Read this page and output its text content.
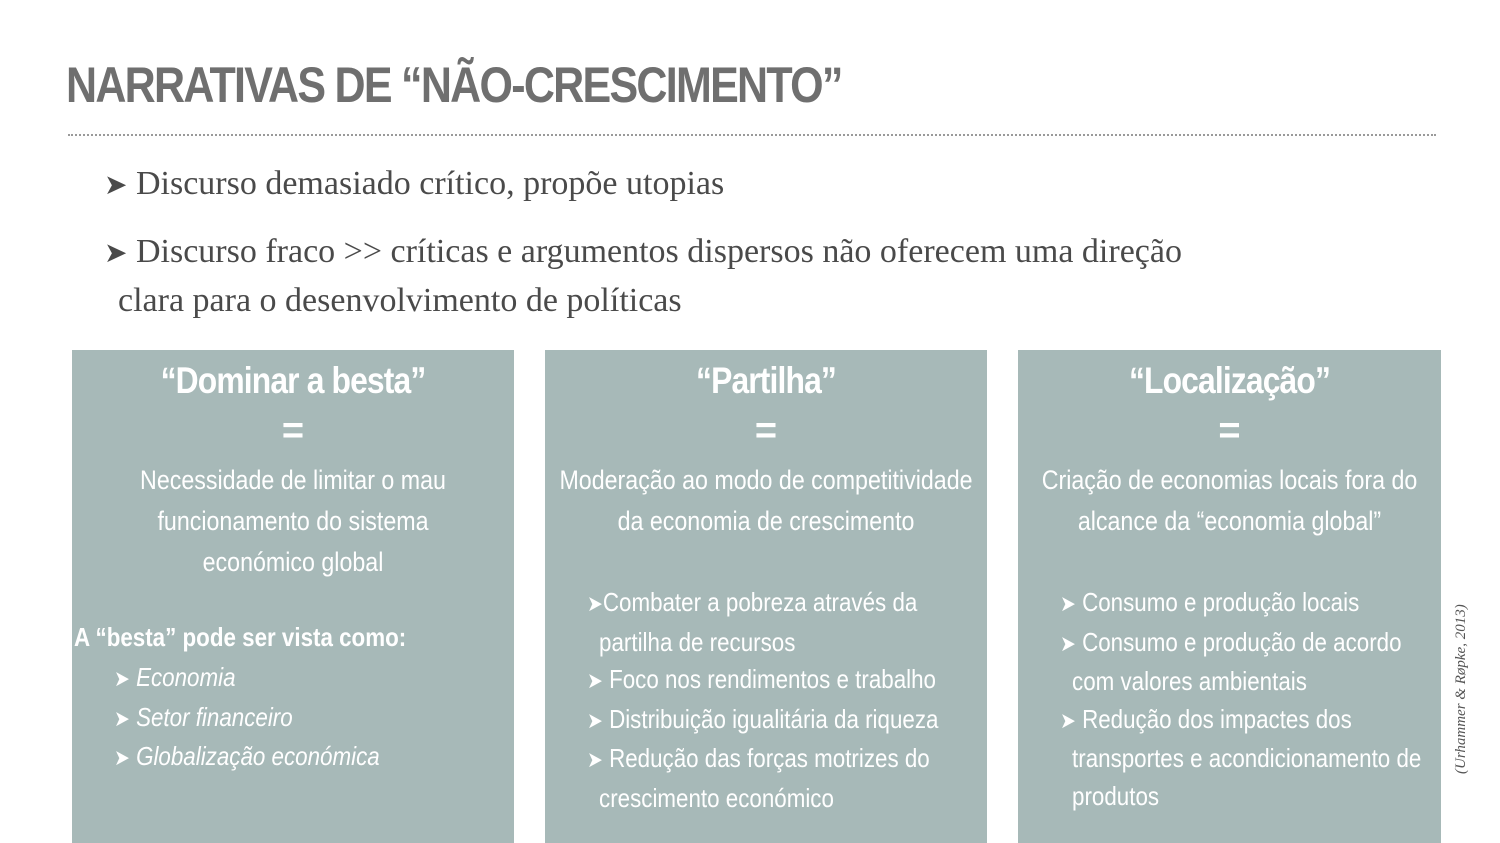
NARRATIVAS DE “NÃO-CRESCIMENTO”

➤ Discurso demasiado crítico, propõe utopias

➤ Discurso fraco >> críticas e argumentos dispersos não oferecem uma direção
clara para o desenvolvimento de políticas

“Dominar a besta”
=
Necessidade de limitar o mau
funcionamento do sistema
económico global
A “besta” pode ser vista como:
➤ Economia
➤ Setor financeiro
➤ Globalização económica
“Partilha”
=
Moderação ao modo de competitividade
da economia de crescimento
➤Combater a pobreza através da
partilha de recursos
➤ Foco nos rendimentos e trabalho
➤ Distribuição igualitária da riqueza
➤ Redução das forças motrizes do
crescimento económico
“Localização”
=
Criação de economias locais fora do
alcance da “economia global”
➤ Consumo e produção locais
➤ Consumo e produção de acordo
com valores ambientais
➤ Redução dos impactes dos
transportes e acondicionamento de
produtos
(Urhammer & Røpke, 2013)
